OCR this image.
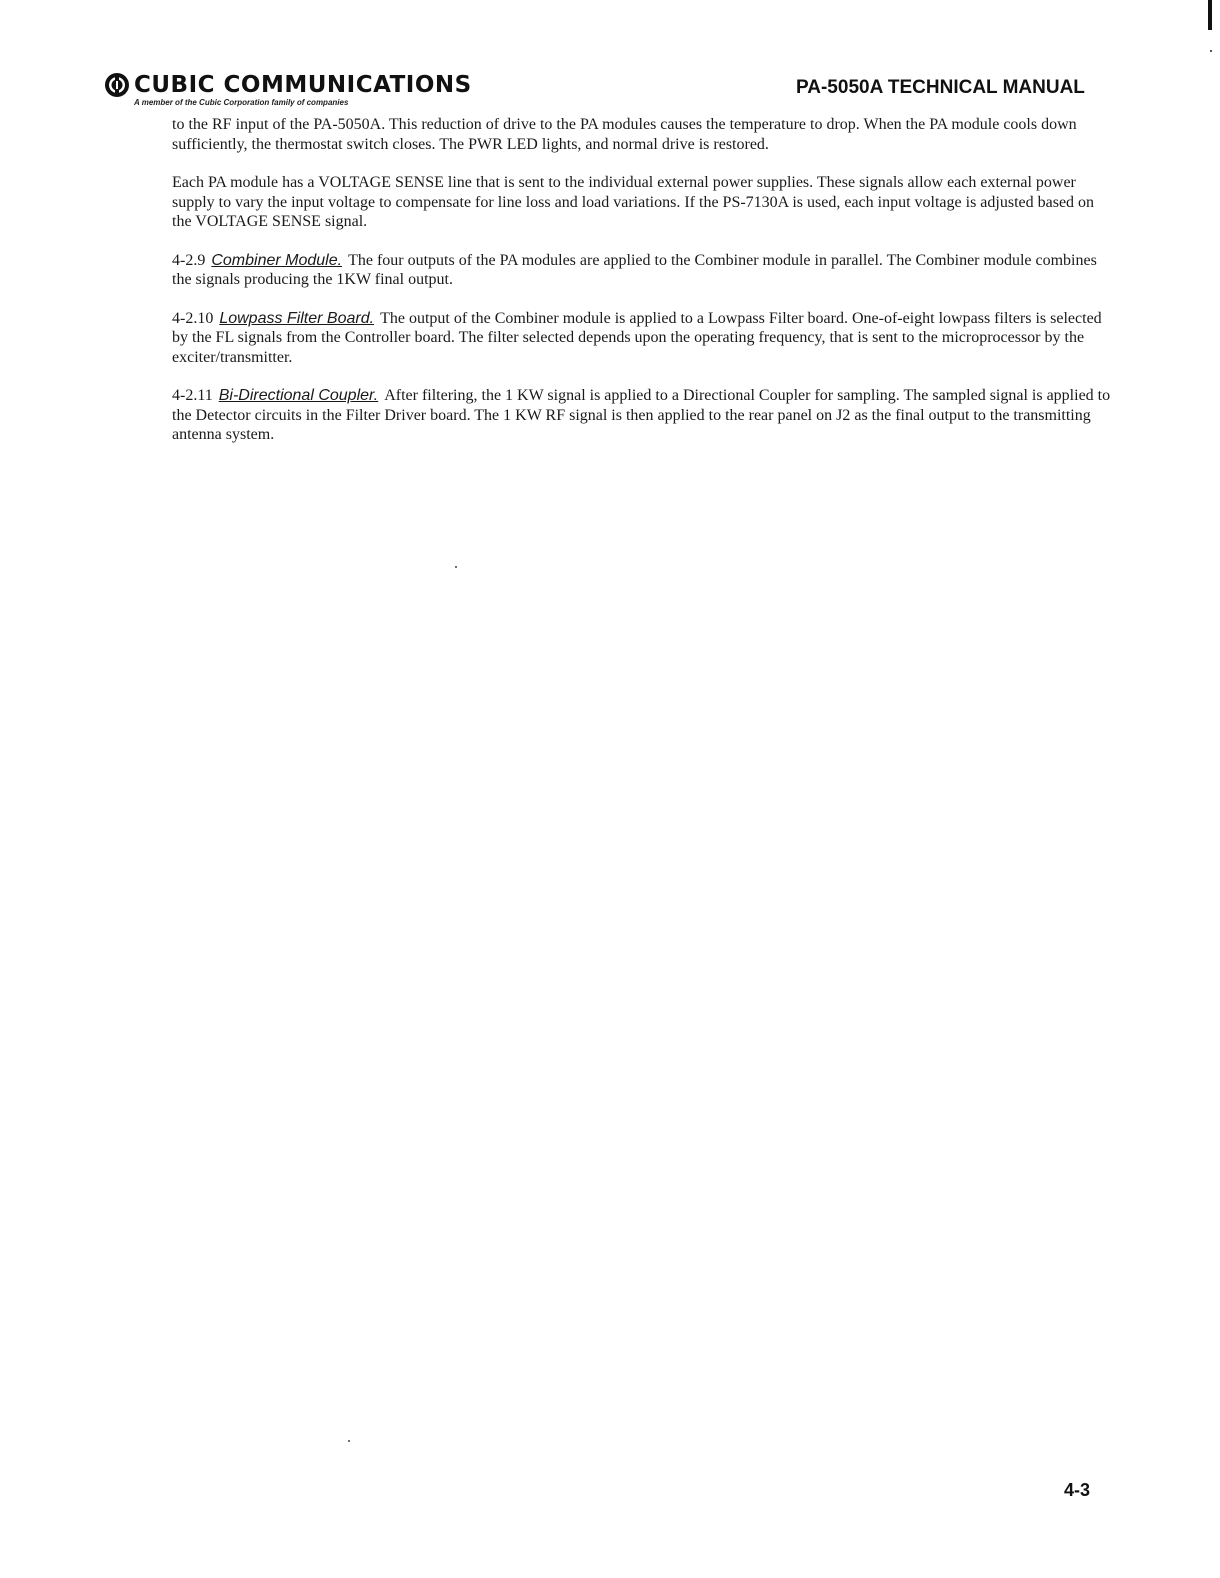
CUBIC COMMUNICATIONS
A member of the Cubic Corporation family of companies
PA-5050A TECHNICAL MANUAL

to the RF input of the PA-5050A. This reduction of drive to the PA modules causes the temperature to drop. When the PA module cools down sufficiently, the thermostat switch closes. The PWR LED lights, and normal drive is restored.

Each PA module has a VOLTAGE SENSE line that is sent to the individual external power supplies. These signals allow each external power supply to vary the input voltage to compensate for line loss and load variations. If the PS-7130A is used, each input voltage is adjusted based on the VOLTAGE SENSE signal.

4-2.9 Combiner Module. The four outputs of the PA modules are applied to the Combiner module in parallel. The Combiner module combines the signals producing the 1KW final output.

4-2.10 Lowpass Filter Board. The output of the Combiner module is applied to a Lowpass Filter board. One-of-eight lowpass filters is selected by the FL signals from the Controller board. The filter selected depends upon the operating frequency, that is sent to the microprocessor by the exciter/transmitter.

4-2.11 Bi-Directional Coupler. After filtering, the 1 KW signal is applied to a Directional Coupler for sampling. The sampled signal is applied to the Detector circuits in the Filter Driver board. The 1 KW RF signal is then applied to the rear panel on J2 as the final output to the transmitting antenna system.

4-3
